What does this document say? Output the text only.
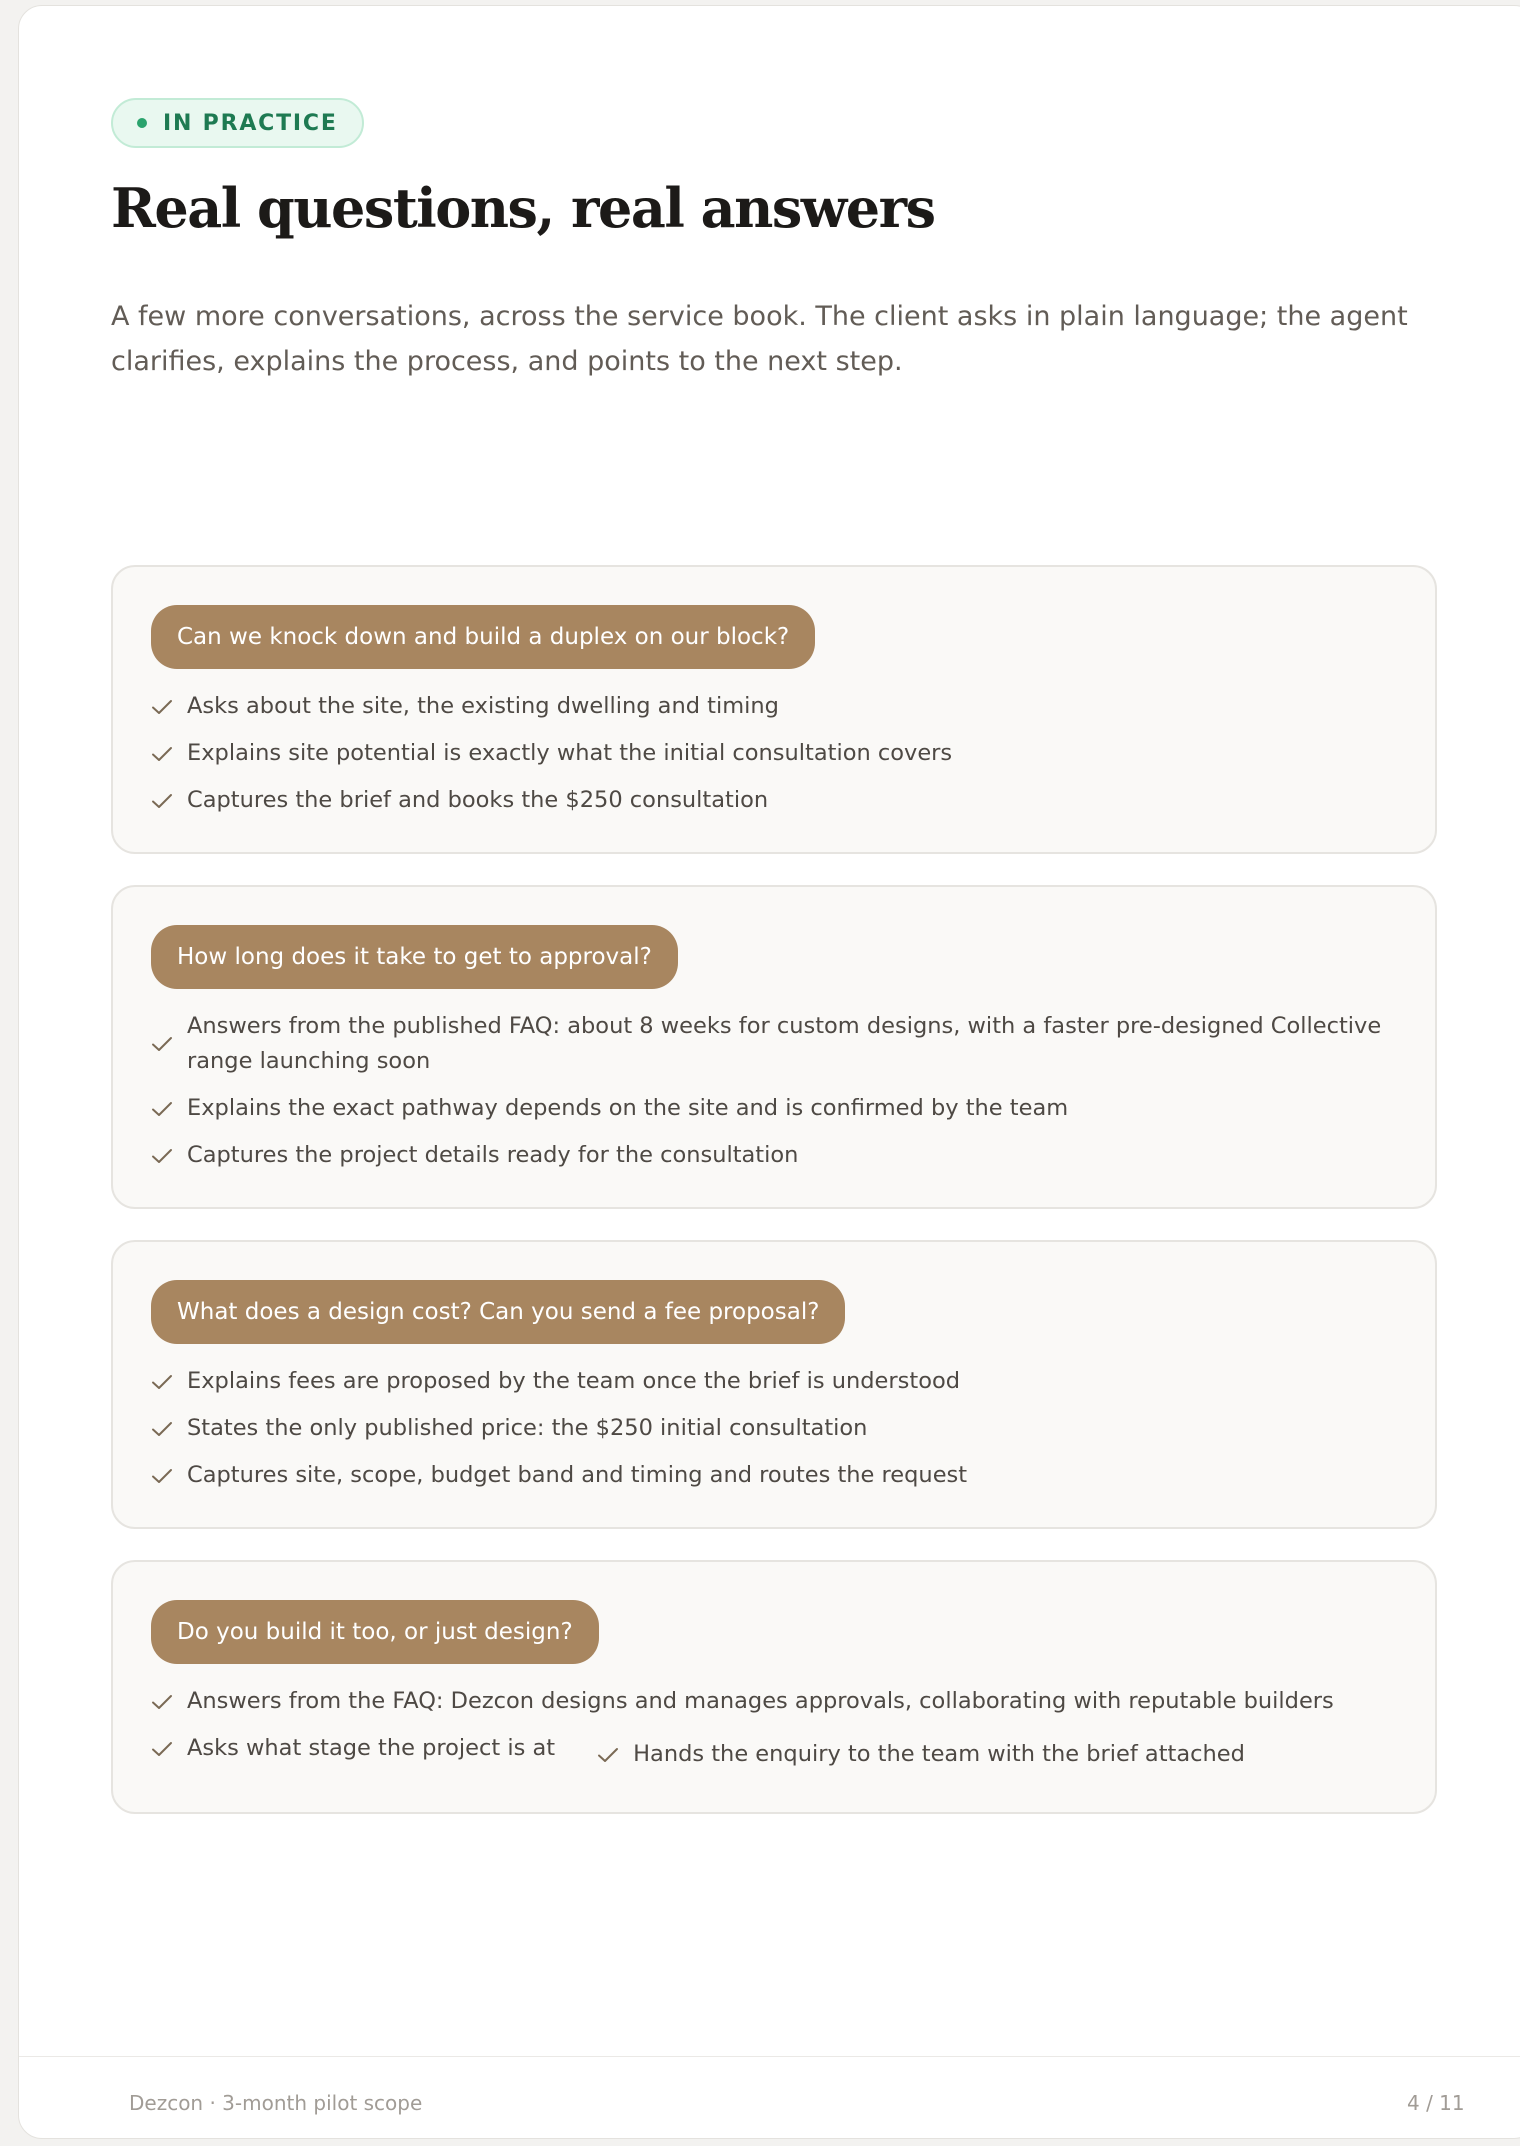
IN PRACTICE
Real questions, real answers

A few more conversations, across the service book. The client asks in plain language; the agent clarifies, explains the process, and points to the next step.

Can we knock down and build a duplex on our block?
Asks about the site, the existing dwelling and timing
Explains site potential is exactly what the initial consultation covers
Captures the brief and books the $250 consultation
How long does it take to get to approval?
Answers from the published FAQ: about 8 weeks for custom designs, with a faster pre-designed Collective range launching soon
Explains the exact pathway depends on the site and is confirmed by the team
Captures the project details ready for the consultation
What does a design cost? Can you send a fee proposal?
Explains fees are proposed by the team once the brief is understood
States the only published price: the $250 initial consultation
Captures site, scope, budget band and timing and routes the request
Do you build it too, or just design?
Answers from the FAQ: Dezcon designs and manages approvals, collaborating with reputable builders
Asks what stage the project is at	Hands the enquiry to the team with the brief attached
Dezcon · 3-month pilot scope	4 / 11
